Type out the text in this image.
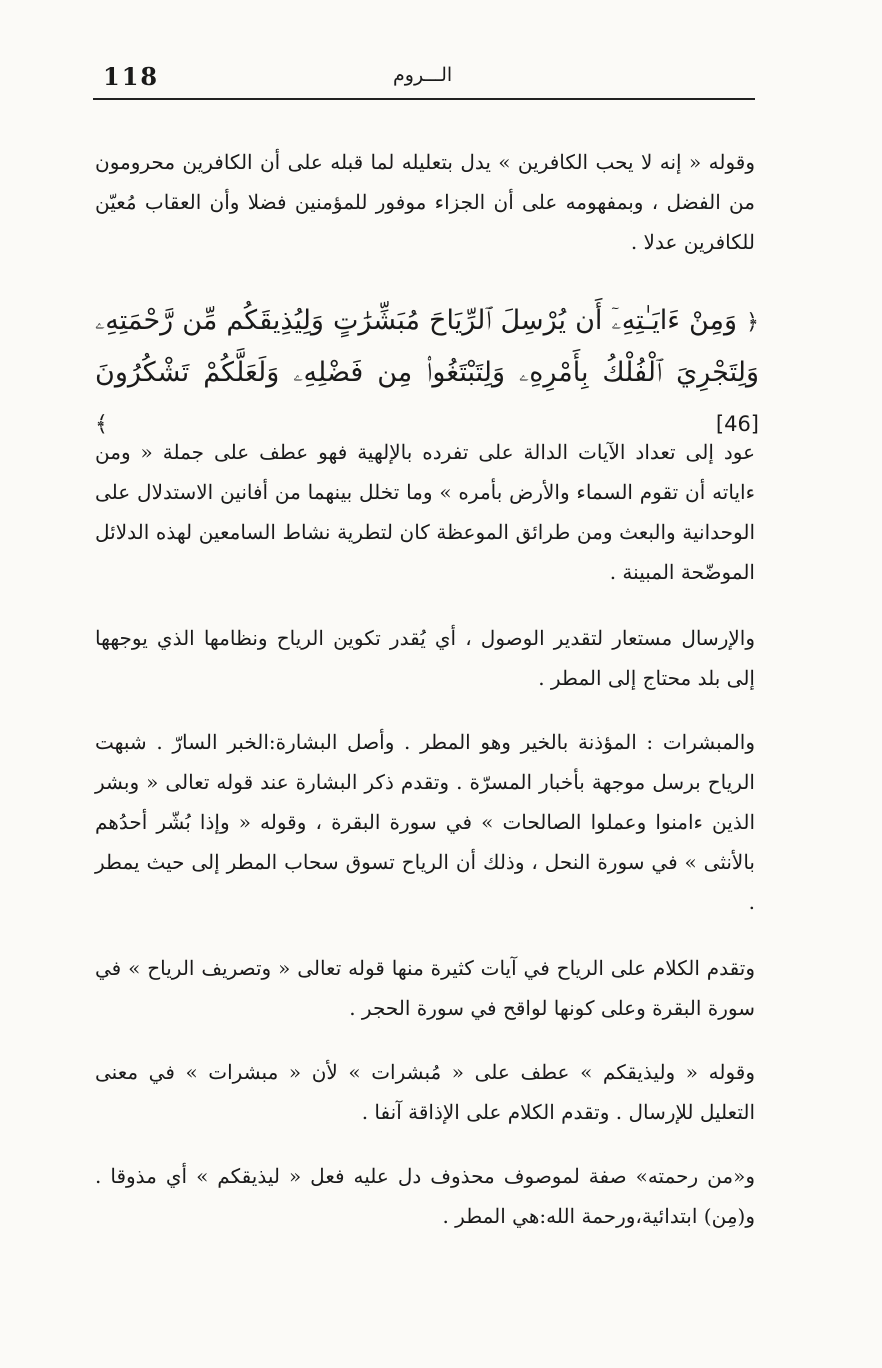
118	الـــروم

وقوله « إنه لا يحب الكافرين » يدل بتعليله لما قبله على أن الكافرين محرومون من الفضل ، وبمفهومه على أن الجزاء موفور للمؤمنين فضلا وأن العقاب مُعيّن للكافرين عدلا .

﴿ وَمِنْ ءَايَـٰتِهِۦٓ أَن يُرْسِلَ ٱلرِّيَاحَ مُبَشِّرَٰتٍ وَلِيُذِيقَكُم مِّن رَّحْمَتِهِۦ وَلِتَجْرِيَ ٱلْفُلْكُ بِأَمْرِهِۦ وَلِتَبْتَغُوا۟ مِن فَضْلِهِۦ وَلَعَلَّكُمْ تَشْكُرُونَ [46] ﴾

عود إلى تعداد الآيات الدالة على تفرده بالإلهية فهو عطف على جملة « ومن ءاياته أن تقوم السماء والأرض بأمره » وما تخلل بينهما من أفانين الاستدلال على الوحدانية والبعث ومن طرائق الموعظة كان لتطرية نشاط السامعين لهذه الدلائل الموضّحة المبينة .

والإرسال مستعار لتقدير الوصول ، أي يُقدر تكوين الرياح ونظامها الذي يوجهها إلى بلد محتاج إلى المطر .

والمبشرات : المؤذنة بالخير وهو المطر . وأصل البشارة:الخبر السارّ . شبهت الرياح برسل موجهة بأخبار المسرّة . وتقدم ذكر البشارة عند قوله تعالى « وبشر الذين ءامنوا وعملوا الصالحات » في سورة البقرة ، وقوله « وإذا بُشّر أحدُهم بالأنثى » في سورة النحل ، وذلك أن الرياح تسوق سحاب المطر إلى حيث يمطر .

وتقدم الكلام على الرياح في آيات كثيرة منها قوله تعالى « وتصريف الرياح » في سورة البقرة وعلى كونها لواقح في سورة الحجر .

وقوله « وليذيقكم » عطف على « مُبشرات » لأن « مبشرات » في معنى التعليل للإرسال . وتقدم الكلام على الإذاقة آنفا .

و«من رحمته» صفة لموصوف محذوف دل عليه فعل « ليذيقكم » أي مذوقا . و(مِن) ابتدائية،ورحمة الله:هي المطر .
